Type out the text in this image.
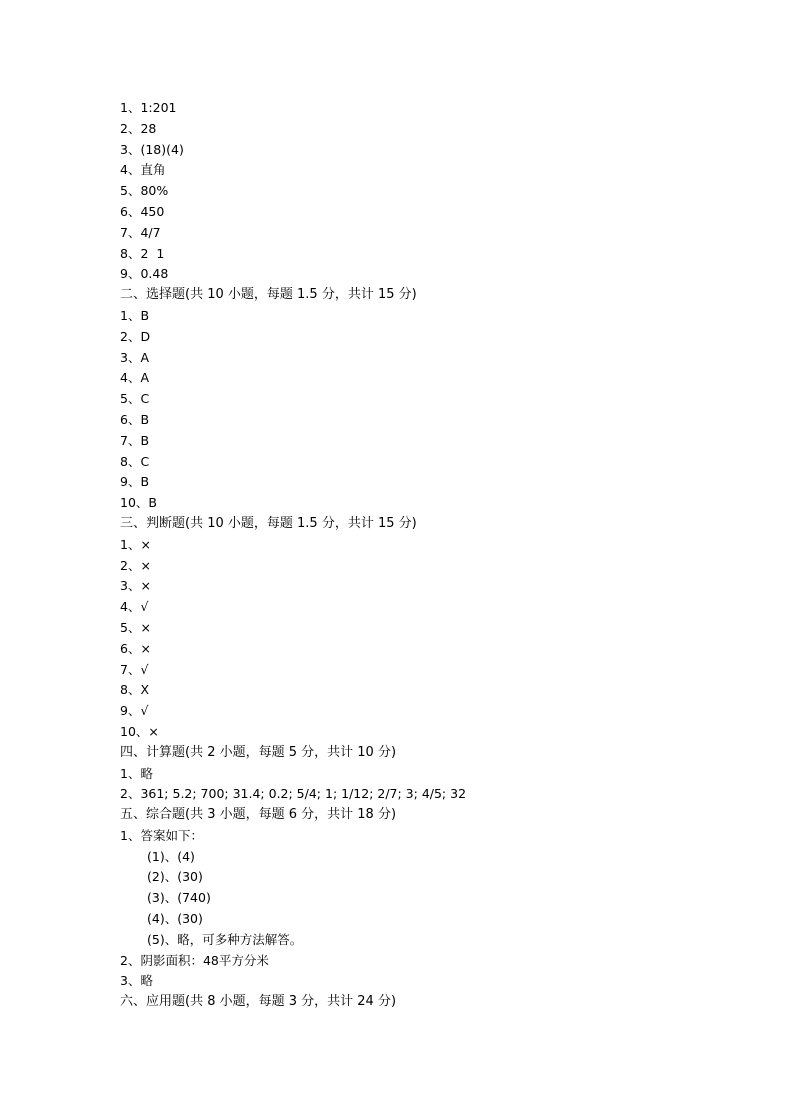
1、1:201
2、28
3、(18)(4)
4、直角
5、80%
6、450
7、4/7
8、2  1
9、0.48
二、选择题(共 10 小题，每题 1.5 分，共计 15 分)
1、B
2、D
3、A
4、A
5、C
6、B
7、B
8、C
9、B
10、B
三、判断题(共 10 小题，每题 1.5 分，共计 15 分)
1、×
2、×
3、×
4、√
5、×
6、×
7、√
8、X
9、√
10、×
四、计算题(共 2 小题，每题 5 分，共计 10 分)
1、略
2、361; 5.2; 700; 31.4; 0.2; 5/4; 1; 1/12; 2/7; 3; 4/5; 32
五、综合题(共 3 小题，每题 6 分，共计 18 分)
1、答案如下：
(1)、(4)
(2)、(30)
(3)、(740)
(4)、(30)
(5)、略，可多种方法解答。
2、阴影面积：48平方分米
3、略
六、应用题(共 8 小题，每题 3 分，共计 24 分)
